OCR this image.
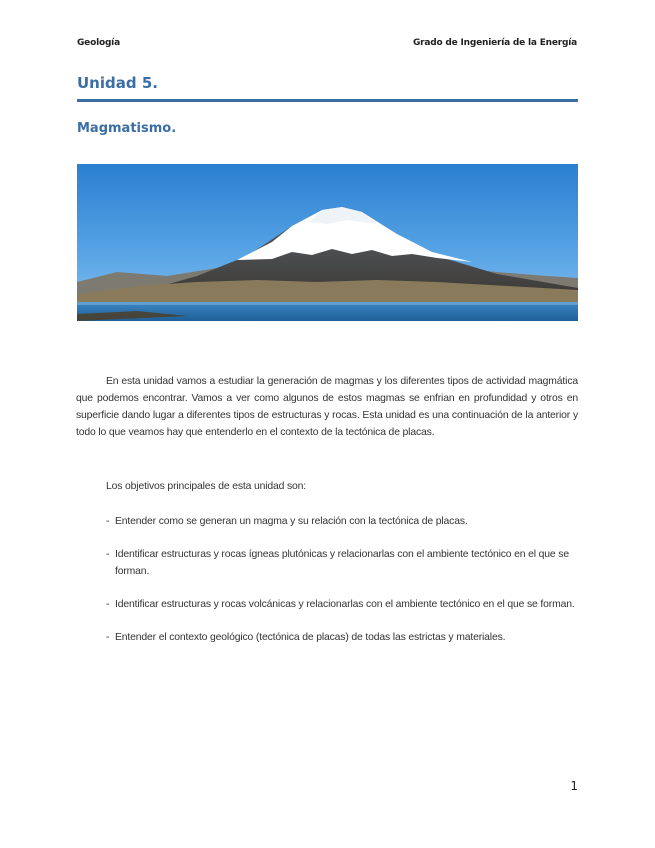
Geología	Grado de Ingeniería de la Energía
Unidad 5.
Magmatismo.

En esta unidad vamos a estudiar la generación de magmas y los diferentes tipos de actividad magmática que podemos encontrar. Vamos a ver como algunos de estos magmas se enfrian en profundidad y otros en superficie dando lugar a diferentes tipos de estructuras y rocas. Esta unidad es una continuación de la anterior y todo lo que veamos hay que entenderlo en el contexto de la tectónica de placas.

Los objetivos principales de esta unidad son:
- Entender como se generan un magma y su relación con la tectónica de placas.
- Identificar estructuras y rocas ígneas plutónicas y relacionarlas con el ambiente tectónico en el que se forman.
- Identificar estructuras y rocas volcánicas y relacionarlas con el ambiente tectónico en el que se forman.
- Entender el contexto geológico (tectónica de placas) de todas las estrictas y materiales.
1
